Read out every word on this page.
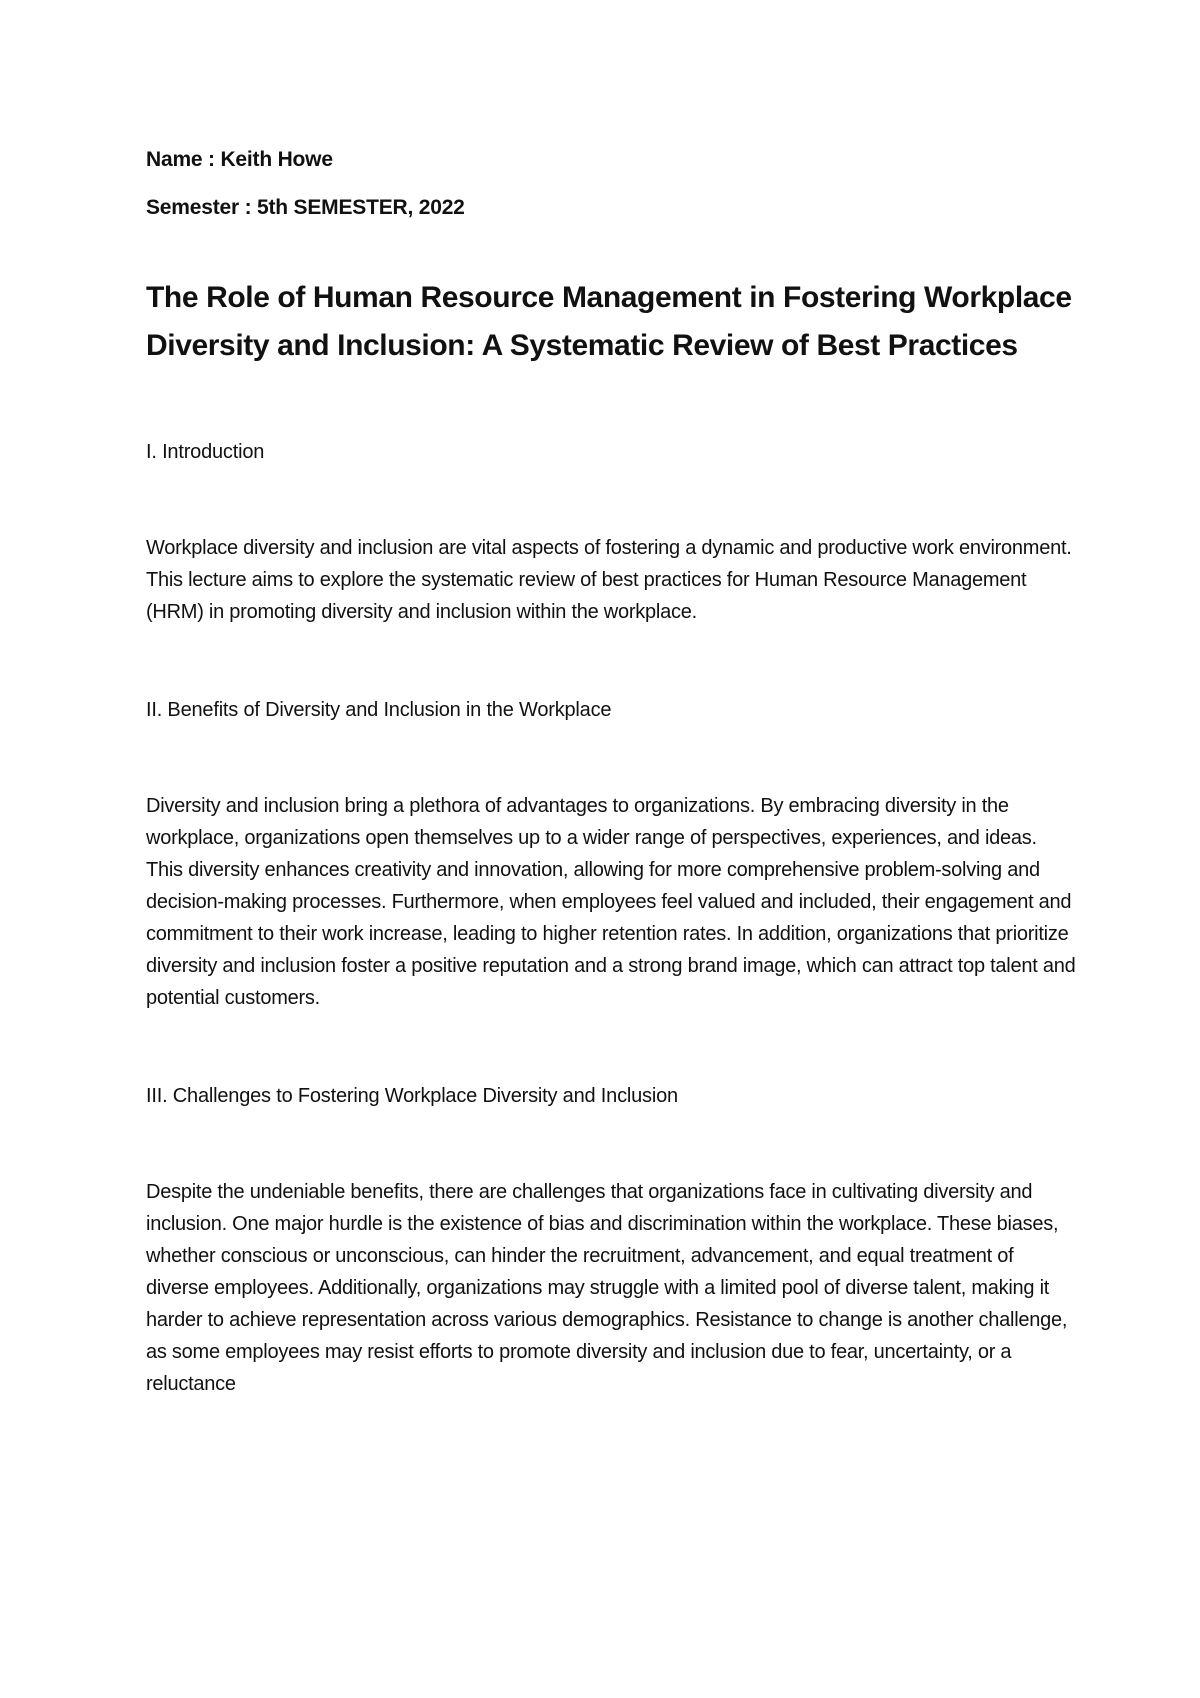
Name : Keith Howe

Semester : 5th SEMESTER, 2022

The Role of Human Resource Management in Fostering Workplace Diversity and Inclusion: A Systematic Review of Best Practices
I. Introduction

Workplace diversity and inclusion are vital aspects of fostering a dynamic and productive work environment. This lecture aims to explore the systematic review of best practices for Human Resource Management (HRM) in promoting diversity and inclusion within the workplace.

II. Benefits of Diversity and Inclusion in the Workplace

Diversity and inclusion bring a plethora of advantages to organizations. By embracing diversity in the workplace, organizations open themselves up to a wider range of perspectives, experiences, and ideas. This diversity enhances creativity and innovation, allowing for more comprehensive problem-solving and decision-making processes. Furthermore, when employees feel valued and included, their engagement and commitment to their work increase, leading to higher retention rates. In addition, organizations that prioritize diversity and inclusion foster a positive reputation and a strong brand image, which can attract top talent and potential customers.

III. Challenges to Fostering Workplace Diversity and Inclusion

Despite the undeniable benefits, there are challenges that organizations face in cultivating diversity and inclusion. One major hurdle is the existence of bias and discrimination within the workplace. These biases, whether conscious or unconscious, can hinder the recruitment, advancement, and equal treatment of diverse employees. Additionally, organizations may struggle with a limited pool of diverse talent, making it harder to achieve representation across various demographics. Resistance to change is another challenge, as some employees may resist efforts to promote diversity and inclusion due to fear, uncertainty, or a reluctance
